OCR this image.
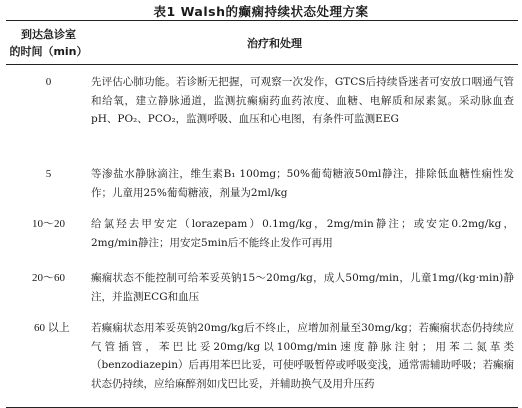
表1 Walsh的癫痫持续状态处理方案
到达急诊室
的时间（min）
治疗和处理
0	先评估心肺功能。若诊断无把握，可观察一次发作，GTCS后持续昏迷者可安放口咽通气管和给氧，建立静脉通道，监测抗癫痫药血药浓度、血糖、电解质和尿素氮。采动脉血查pH、PO₂、PCO₂，监测呼吸、血压和心电图，有条件可监测EEG
5	等渗盐水静脉滴注，维生素B₁ 100mg；50%葡萄糖液50ml静注，排除低血糖性痫性发作；儿童用25%葡萄糖液，剂量为2ml/kg
10～20	给氯羟去甲安定（lorazepam）0.1mg/kg，2mg/min静注；或安定0.2mg/kg，2mg/min静注；用安定5min后不能终止发作可再用
20～60	癫痫状态不能控制可给苯妥英钠15～20mg/kg，成人50mg/min，儿童1mg/(kg·min)静注，并监测ECG和血压
60 以上	若癫痫状态用苯妥英钠20mg/kg后不终止，应增加剂量至30mg/kg；若癫痫状态仍持续应气管插管，苯巴比妥20mg/kg以100mg/min速度静脉注射；用苯二氮革类（benzodiazepin）后再用苯巴比妥，可使呼吸暂停或呼吸变浅，通常需辅助呼吸；若癫痫状态仍持续，应给麻醉剂如戊巴比妥，并辅助换气及用升压药
